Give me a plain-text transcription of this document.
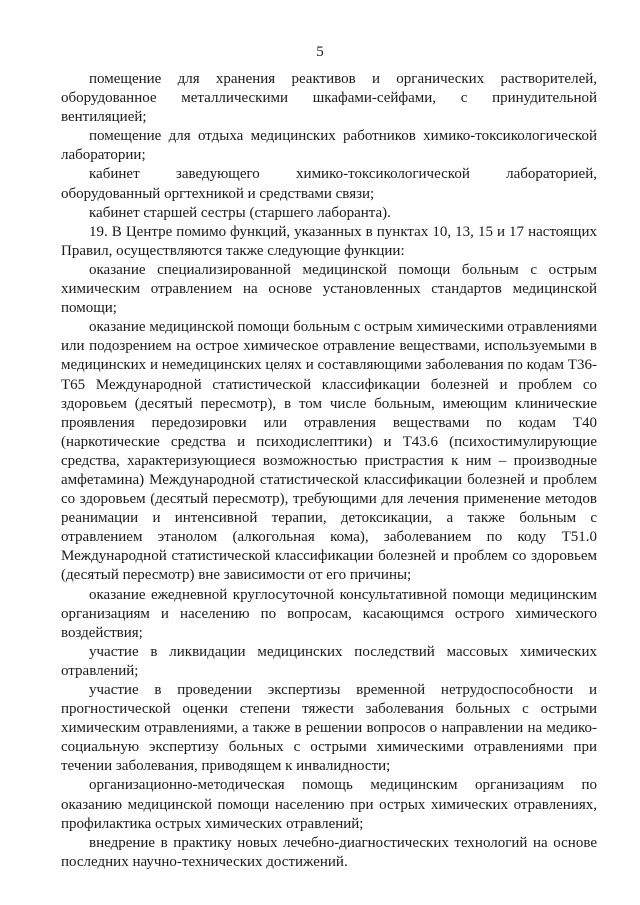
5

помещение для хранения реактивов и органических растворителей, оборудованное металлическими шкафами-сейфами, с принудительной вентиляцией;

помещение для отдыха медицинских работников химико-токсикологической лаборатории;

кабинет заведующего химико-токсикологической лабораторией, оборудованный оргтехникой и средствами связи;

кабинет старшей сестры (старшего лаборанта).

19. В Центре помимо функций, указанных в пунктах 10, 13, 15 и 17 настоящих Правил, осуществляются также следующие функции:

оказание специализированной медицинской помощи больным с острым химическим отравлением на основе установленных стандартов медицинской помощи;

оказание медицинской помощи больным с острым химическими отравлениями или подозрением на острое химическое отравление веществами, используемыми в медицинских и немедицинских целях и составляющими заболевания по кодам Т36-Т65 Международной статистической классификации болезней и проблем со здоровьем (десятый пересмотр), в том числе больным, имеющим клинические проявления передозировки или отравления веществами по кодам Т40 (наркотические средства и психодислептики) и Т43.6 (психостимулирующие средства, характеризующиеся возможностью пристрастия к ним – производные амфетамина) Международной статистической классификации болезней и проблем со здоровьем (десятый пересмотр), требующими для лечения применение методов реанимации и интенсивной терапии, детоксикации, а также больным с отравлением этанолом (алкогольная кома), заболеванием по коду Т51.0 Международной статистической классификации болезней и проблем со здоровьем (десятый пересмотр) вне зависимости от его причины;

оказание ежедневной круглосуточной консультативной помощи медицинским организациям и населению по вопросам, касающимся острого химического воздействия;

участие в ликвидации медицинских последствий массовых химических отравлений;

участие в проведении экспертизы временной нетрудоспособности и прогностической оценки степени тяжести заболевания больных с острыми химическим отравлениями, а также в решении вопросов о направлении на медико-социальную экспертизу больных с острыми химическими отравлениями при течении заболевания, приводящем к инвалидности;

организационно-методическая помощь медицинским организациям по оказанию медицинской помощи населению при острых химических отравлениях, профилактика острых химических отравлений;

внедрение в практику новых лечебно-диагностических технологий на основе последних научно-технических достижений.
